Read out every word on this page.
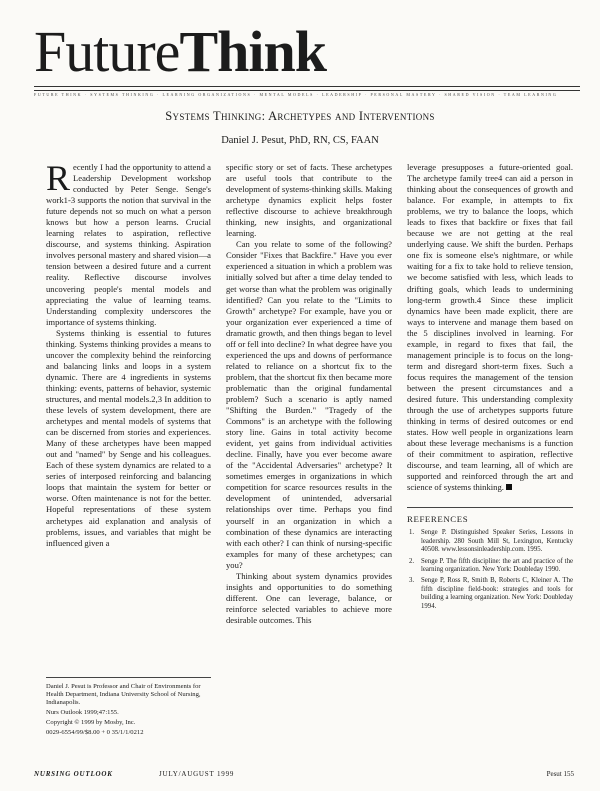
FutureThink
FUTURE THINK · SYSTEMS THINKING · LEARNING ORGANIZATIONS · MENTAL MODELS · LEADERSHIP · PERSONAL MASTERY · SHARED VISION · TEAM LEARNING
Systems Thinking: Archetypes and Interventions
Daniel J. Pesut, PhD, RN, CS, FAAN

Recently I had the opportunity to attend a Leadership Development workshop conducted by Peter Senge. Senge's work1-3 supports the notion that survival in the future depends not so much on what a person knows but how a person learns. Crucial learning relates to aspiration, reflective discourse, and systems thinking. Aspiration involves personal mastery and shared vision—a tension between a desired future and a current reality. Reflective discourse involves uncovering people's mental models and appreciating the value of learning teams. Understanding complexity underscores the importance of systems thinking.

Systems thinking is essential to futures thinking. Systems thinking provides a means to uncover the complexity behind the reinforcing and balancing links and loops in a system dynamic. There are 4 ingredients in systems thinking: events, patterns of behavior, systemic structures, and mental models.2,3 In addition to these levels of system development, there are archetypes and mental models of systems that can be discerned from stories and experiences. Many of these archetypes have been mapped out and "named" by Senge and his colleagues. Each of these system dynamics are related to a series of interposed reinforcing and balancing loops that maintain the system for better or worse. Often maintenance is not for the better. Hopeful representations of these system archetypes aid explanation and analysis of problems, issues, and variables that might be influenced given a

Daniel J. Pesut is Professor and Chair of Environments for Health Department, Indiana University School of Nursing, Indianapolis.
Nurs Outlook 1999;47:155.
Copyright © 1999 by Mosby, Inc.
0029-6554/99/$8.00 + 0 35/1/1/0212

specific story or set of facts. These archetypes are useful tools that contribute to the development of systems-thinking skills. Making archetype dynamics explicit helps foster reflective discourse to achieve breakthrough thinking, new insights, and organizational learning.

Can you relate to some of the following? Consider "Fixes that Backfire." Have you ever experienced a situation in which a problem was initially solved but after a time delay tended to get worse than what the problem was originally identified? Can you relate to the "Limits to Growth" archetype? For example, have you or your organization ever experienced a time of dramatic growth, and then things began to level off or fell into decline? In what degree have you experienced the ups and downs of performance related to reliance on a shortcut fix to the problem, that the shortcut fix then became more problematic than the original fundamental problem? Such a scenario is aptly named "Shifting the Burden." "Tragedy of the Commons" is an archetype with the following story line. Gains in total activity become evident, yet gains from individual activities decline. Finally, have you ever become aware of the "Accidental Adversaries" archetype? It sometimes emerges in organizations in which competition for scarce resources results in the development of unintended, adversarial relationships over time. Perhaps you find yourself in an organization in which a combination of these dynamics are interacting with each other? I can think of nursing-specific examples for many of these archetypes; can you?

Thinking about system dynamics provides insights and opportunities to do something different. One can leverage, balance, or reinforce selected variables to achieve more desirable outcomes. This

leverage presupposes a future-oriented goal. The archetype family tree4 can aid a person in thinking about the consequences of growth and balance. For example, in attempts to fix problems, we try to balance the loops, which leads to fixes that backfire or fixes that fail because we are not getting at the real underlying cause. We shift the burden. Perhaps one fix is someone else's nightmare, or while waiting for a fix to take hold to relieve tension, we become satisfied with less, which leads to drifting goals, which leads to undermining long-term growth.4 Since these implicit dynamics have been made explicit, there are ways to intervene and manage them based on the 5 disciplines involved in learning. For example, in regard to fixes that fail, the management principle is to focus on the long-term and disregard short-term fixes. Such a focus requires the management of the tension between the present circumstances and a desired future. This understanding complexity through the use of archetypes supports future thinking in terms of desired outcomes or end states. How well people in organizations learn about these leverage mechanisms is a function of their commitment to aspiration, reflective discourse, and team learning, all of which are supported and reinforced through the art and science of systems thinking.

REFERENCES
1. Senge P. Distinguished Speaker Series, Lessons in leadership. 280 South Mill St, Lexington, Kentucky 40508. www.lessonsinleadership.com. 1995.
2. Senge P. The fifth discipline: the art and practice of the learning organization. New York: Doubleday 1990.
3. Senge P, Ross R, Smith B, Roberts C, Kleiner A. The fifth discipline field-book: strategies and tools for building a learning organization. New York: Doubleday 1994.
NURSING OUTLOOK	JULY/AUGUST 1999	Pesut 155
